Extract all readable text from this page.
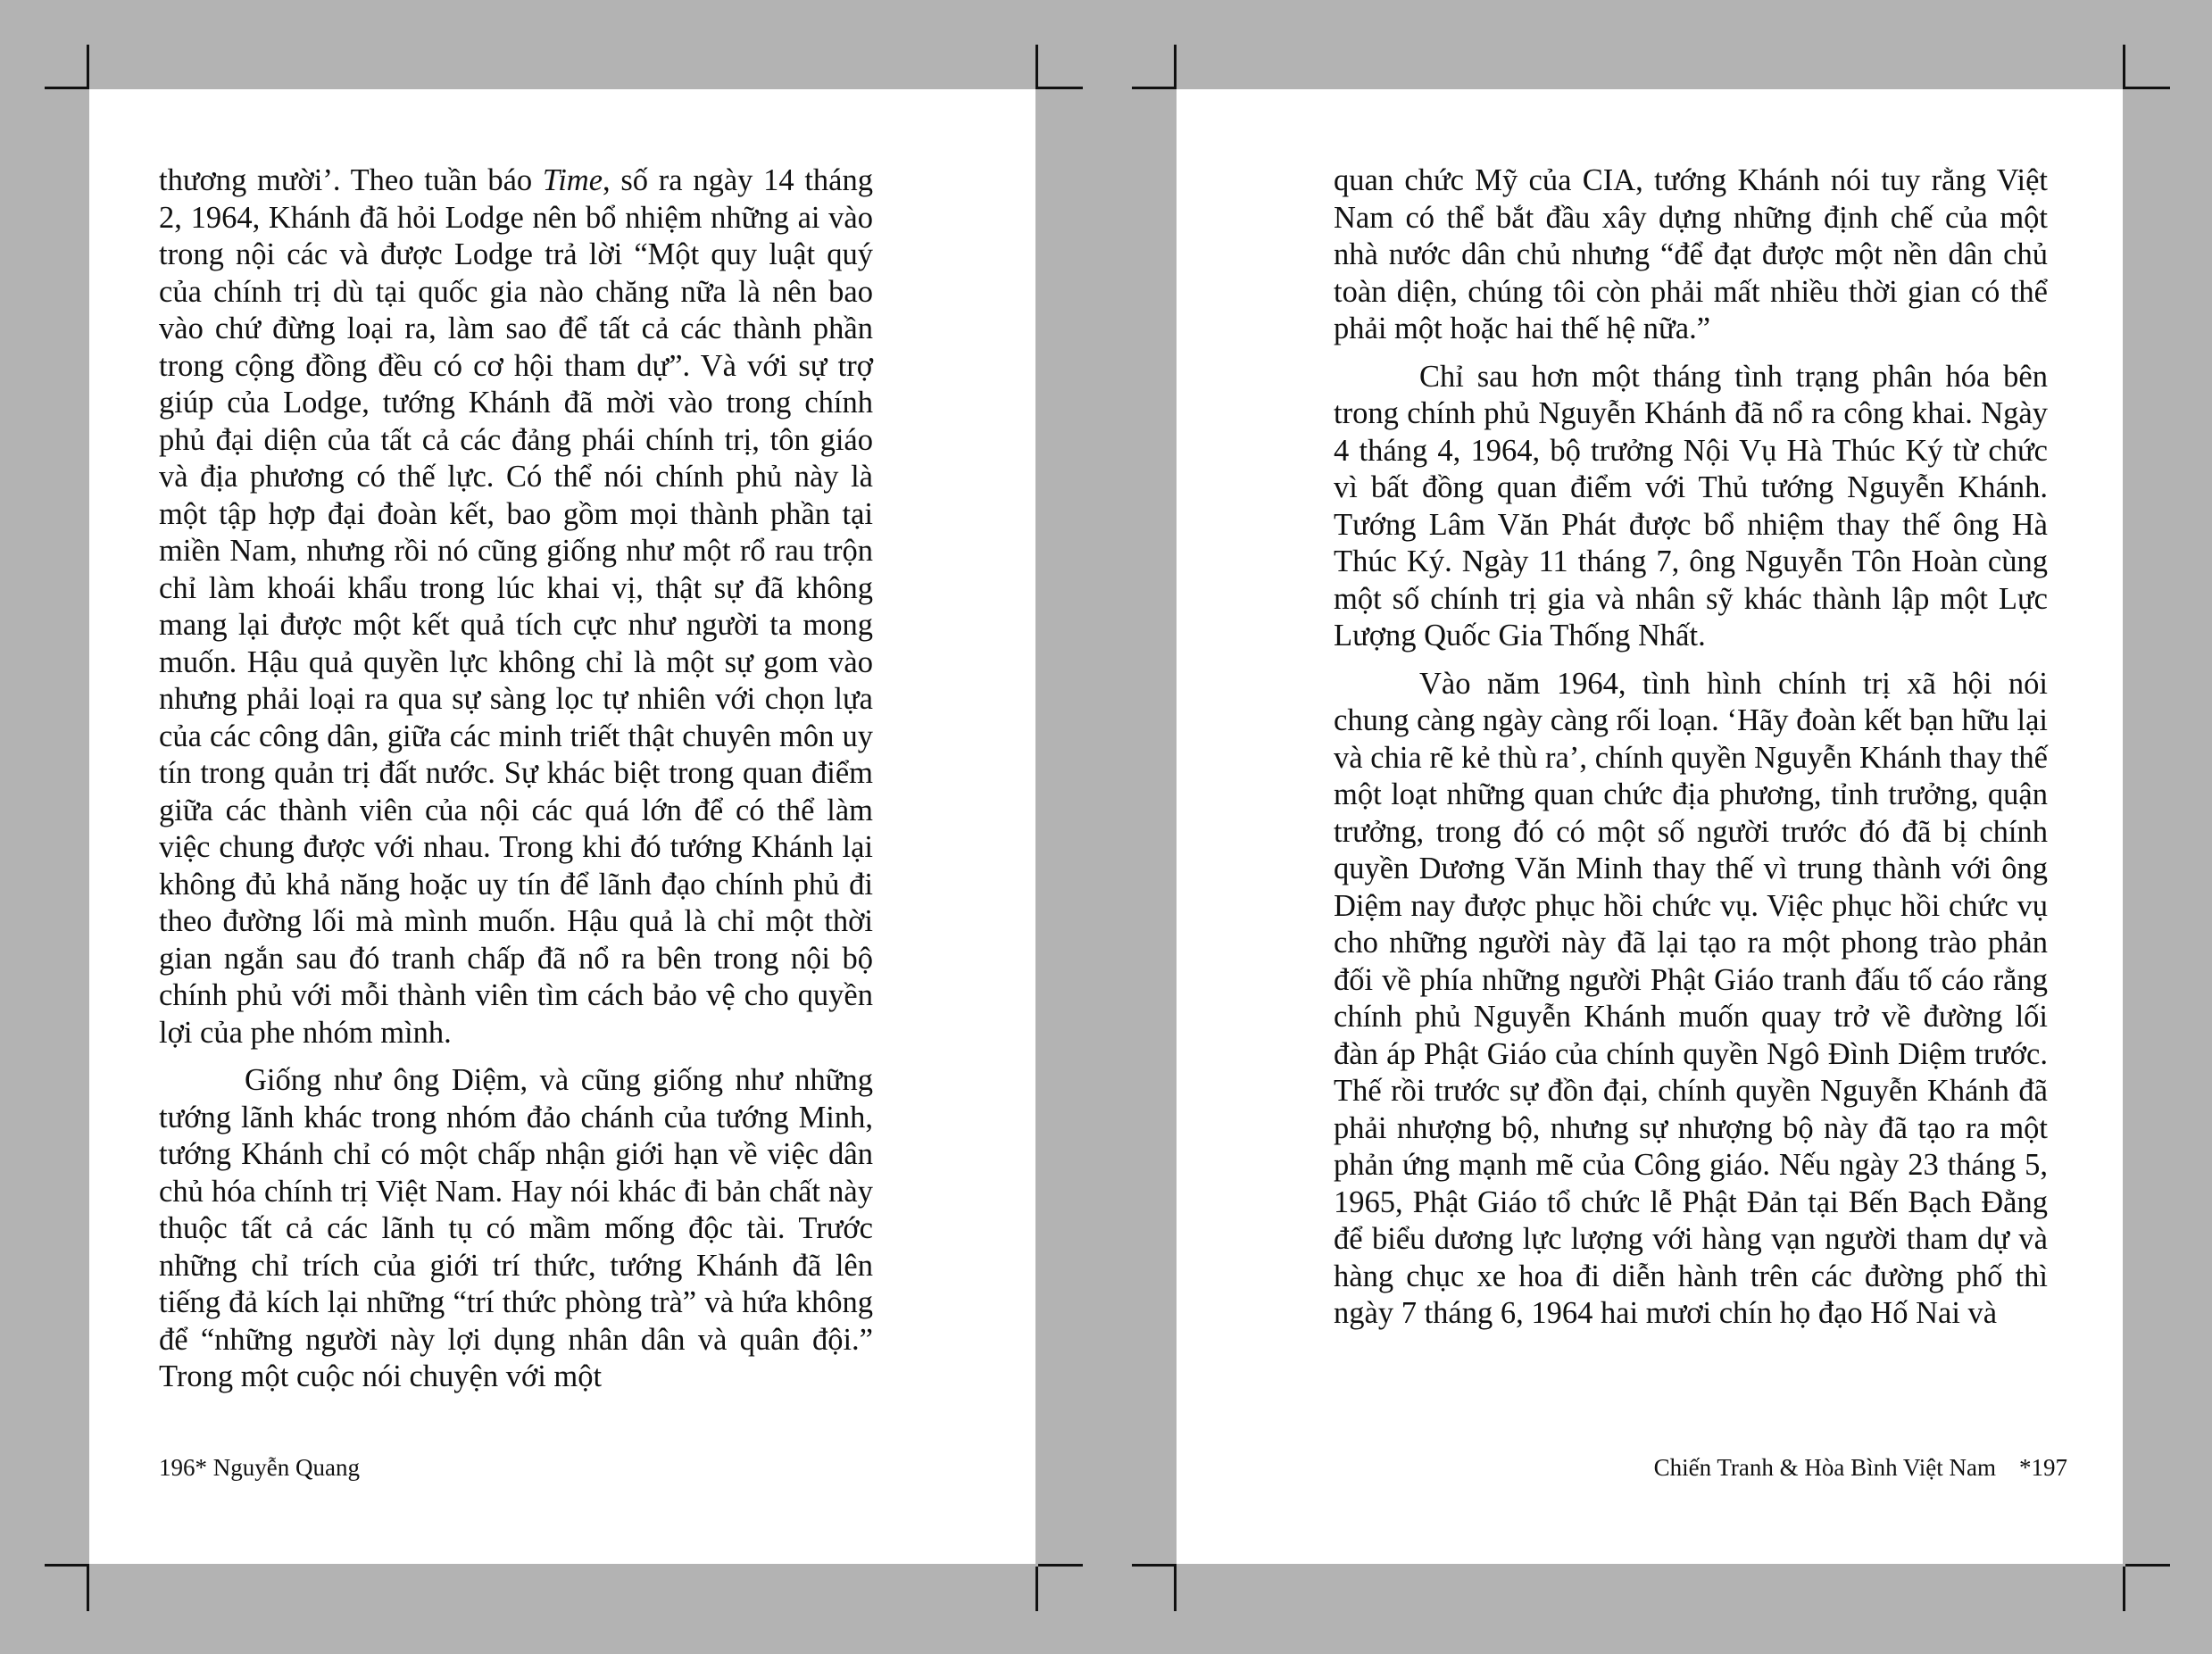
thương mười’. Theo tuần báo Time, số ra ngày 14 tháng 2, 1964, Khánh đã hỏi Lodge nên bổ nhiệm những ai vào trong nội các và được Lodge trả lời “Một quy luật quý của chính trị dù tại quốc gia nào chăng nữa là nên bao vào chứ đừng loại ra, làm sao để tất cả các thành phần trong cộng đồng đều có cơ hội tham dự”. Và với sự trợ giúp của Lodge, tướng Khánh đã mời vào trong chính phủ đại diện của tất cả các đảng phái chính trị, tôn giáo và địa phương có thế lực. Có thể nói chính phủ này là một tập hợp đại đoàn kết, bao gồm mọi thành phần tại miền Nam, nhưng rồi nó cũng giống như một rổ rau trộn chỉ làm khoái khẩu trong lúc khai vị, thật sự đã không mang lại được một kết quả tích cực như người ta mong muốn. Hậu quả quyền lực không chỉ là một sự gom vào nhưng phải loại ra qua sự sàng lọc tự nhiên với chọn lựa của các công dân, giữa các minh triết thật chuyên môn uy tín trong quản trị đất nước. Sự khác biệt trong quan điểm giữa các thành viên của nội các quá lớn để có thể làm việc chung được với nhau. Trong khi đó tướng Khánh lại không đủ khả năng hoặc uy tín để lãnh đạo chính phủ đi theo đường lối mà mình muốn. Hậu quả là chỉ một thời gian ngắn sau đó tranh chấp đã nổ ra bên trong nội bộ chính phủ với mỗi thành viên tìm cách bảo vệ cho quyền lợi của phe nhóm mình.

Giống như ông Diệm, và cũng giống như những tướng lãnh khác trong nhóm đảo chánh của tướng Minh, tướng Khánh chỉ có một chấp nhận giới hạn về việc dân chủ hóa chính trị Việt Nam. Hay nói khác đi bản chất này thuộc tất cả các lãnh tụ có mầm mống độc tài. Trước những chỉ trích của giới trí thức, tướng Khánh đã lên tiếng đả kích lại những “trí thức phòng trà” và hứa không để “những người này lợi dụng nhân dân và quân đội.” Trong một cuộc nói chuyện với một

196* Nguyễn Quang

quan chức Mỹ của CIA, tướng Khánh nói tuy rằng Việt Nam có thể bắt đầu xây dựng những định chế của một nhà nước dân chủ nhưng “để đạt được một nền dân chủ toàn diện, chúng tôi còn phải mất nhiều thời gian có thể phải một hoặc hai thế hệ nữa.”

Chỉ sau hơn một tháng tình trạng phân hóa bên trong chính phủ Nguyễn Khánh đã nổ ra công khai. Ngày 4 tháng 4, 1964, bộ trưởng Nội Vụ Hà Thúc Ký từ chức vì bất đồng quan điểm với Thủ tướng Nguyễn Khánh. Tướng Lâm Văn Phát được bổ nhiệm thay thế ông Hà Thúc Ký. Ngày 11 tháng 7, ông Nguyễn Tôn Hoàn cùng một số chính trị gia và nhân sỹ khác thành lập một Lực Lượng Quốc Gia Thống Nhất.

Vào năm 1964, tình hình chính trị xã hội nói chung càng ngày càng rối loạn. ‘Hãy đoàn kết bạn hữu lại và chia rẽ kẻ thù ra’, chính quyền Nguyễn Khánh thay thế một loạt những quan chức địa phương, tỉnh trưởng, quận trưởng, trong đó có một số người trước đó đã bị chính quyền Dương Văn Minh thay thế vì trung thành với ông Diệm nay được phục hồi chức vụ. Việc phục hồi chức vụ cho những người này đã lại tạo ra một phong trào phản đối về phía những người Phật Giáo tranh đấu tố cáo rằng chính phủ Nguyễn Khánh muốn quay trở về đường lối đàn áp Phật Giáo của chính quyền Ngô Đình Diệm trước. Thế rồi trước sự đồn đại, chính quyền Nguyễn Khánh đã phải nhượng bộ, nhưng sự nhượng bộ này đã tạo ra một phản ứng mạnh mẽ của Công giáo. Nếu ngày 23 tháng 5, 1965, Phật Giáo tổ chức lễ Phật Đản tại Bến Bạch Đằng để biểu dương lực lượng với hàng vạn người tham dự và hàng chục xe hoa đi diễn hành trên các đường phố thì ngày 7 tháng 6, 1964 hai mươi chín họ đạo Hố Nai và

Chiến Tranh & Hòa Bình Việt Nam *197
